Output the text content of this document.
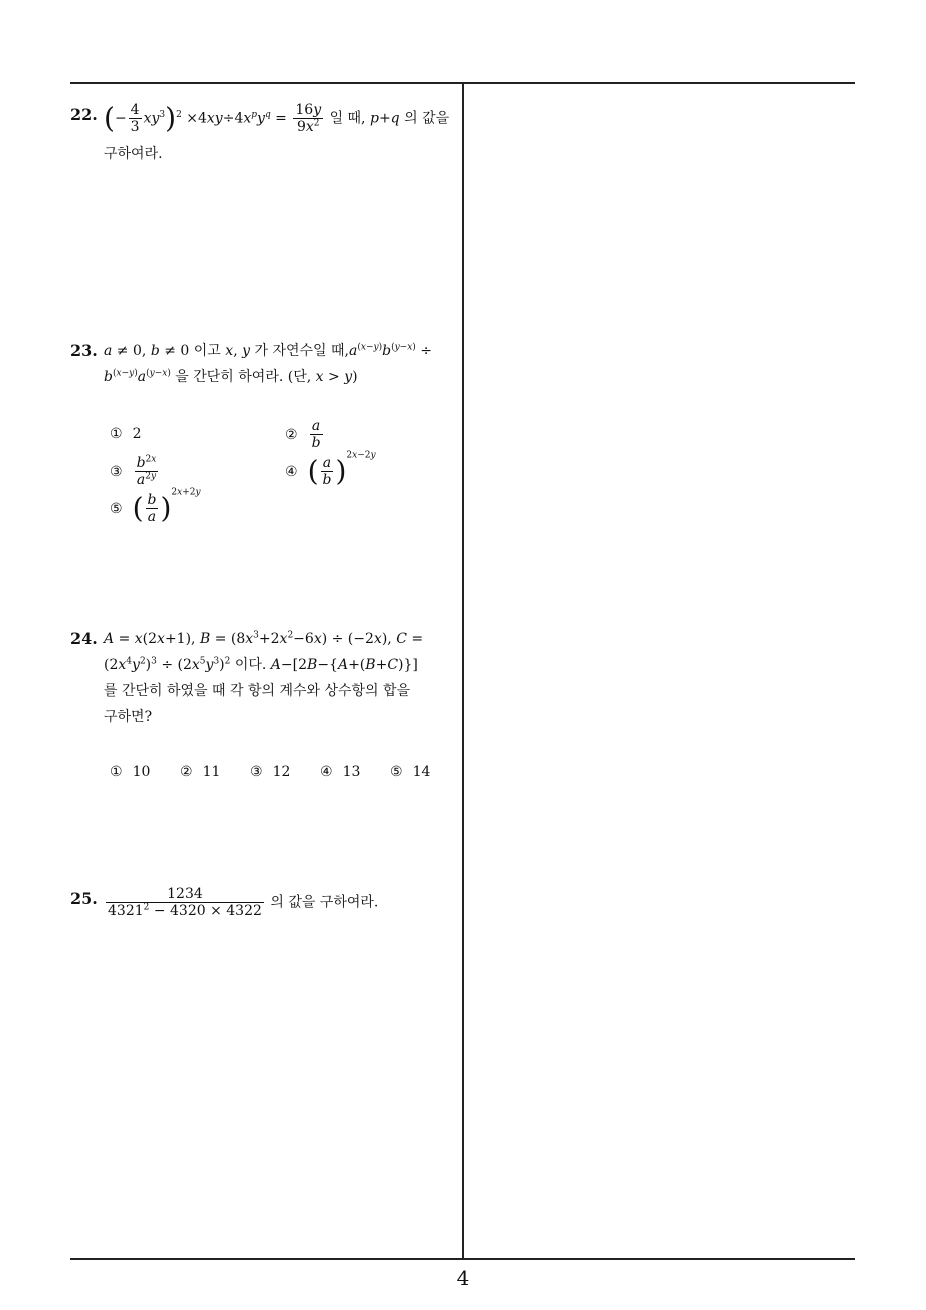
22. (− $\frac{4}{3} xy^3)^2 \times 4xy\div 4x^py^q = \frac{16y}{9x^2}$ 일 때, p+q 의 값을
구하여라.
23. a ≠ 0, b ≠ 0 이고 x, y 가 자연수일 때$,a^{(x-y)}b^{(y-x)}$ ÷
$b^{(x-y)}a^{(y-x)}$ 을 간단히 하여라. (단, x > y)
① 2	② $\frac{a}{b}$
③ $\frac{b^{2x}}{a^{2y}}$	④ ( $\frac{a}{b} )^{2x-2y}$
⑤ ( $\frac{b}{a} )^{2x+2y}$
24. A = x(2x+1), $B = (8x^3+2x^2-6x) \div (-2x)$, C =
$(2x^4y^2)^3 \div (2x^5y^3)^2$ 이다. A−[2B−{A+(B+C)}]
를 간단히 하였을 때 각 항의 계수와 상수항의 합을
구하면?
① 10 ② 11 ③ 12 ④ 13 ⑤ 14
25. $\frac{1234}{4321^2 - 4320 \times 4322}$ 의 값을 구하여라.
4
